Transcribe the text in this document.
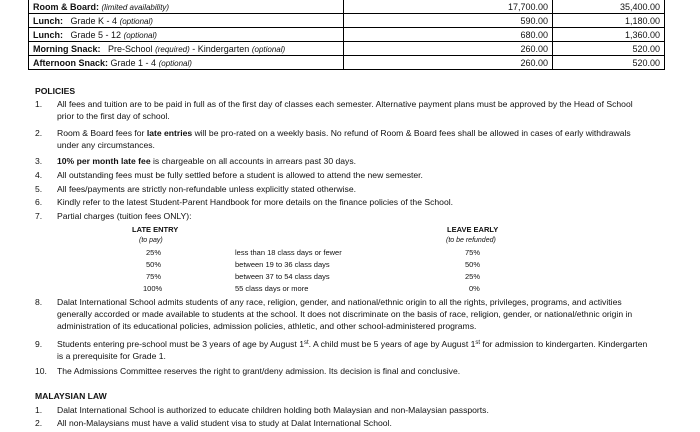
Room & Board: (limited availability)	17,700.00	35,400.00
Lunch: Grade K - 4 (optional)	590.00	1,180.00
Lunch: Grade 5 - 12 (optional)	680.00	1,360.00
Morning Snack: Pre-School (required) - Kindergarten (optional)	260.00	520.00
Afternoon Snack: Grade 1 - 4 (optional)	260.00	520.00
POLICIES
1. All fees and tuition are to be paid in full as of the first day of classes each semester. Alternative payment plans must be approved by the Head of School
prior to the first day of school.
2. Room & Board fees for late entries will be pro-rated on a weekly basis. No refund of Room & Board fees shall be allowed in cases of early withdrawals
under any circumstances.
3. 10% per month late fee is chargeable on all accounts in arrears past 30 days.
4. All outstanding fees must be fully settled before a student is allowed to attend the new semester.
5. All fees/payments are strictly non-refundable unless explicitly stated otherwise.
6. Kindly refer to the latest Student-Parent Handbook for more details on the finance policies of the School.
7. Partial charges (tuition fees ONLY):
LATE ENTRY
(to pay)
LEAVE EARLY
(to be refunded)
25%	less than 18 class days or fewer	75%
50%	between 19 to 36 class days	50%
75%	between 37 to 54 class days	25%
100%	55 class days or more	0%
8. Dalat International School admits students of any race, religion, gender, and national/ethnic origin to all the rights, privileges, programs, and activities
generally accorded or made available to students at the school. It does not discriminate on the basis of race, religion, gender, or national/ethnic origin in
administration of its educational policies, admission policies, athletic, and other school-administered programs.
9. Students entering pre-school must be 3 years of age by August 1st. A child must be 5 years of age by August 1st for admission to kindergarten. Kindergarten
is a prerequisite for Grade 1.
10. The Admissions Committee reserves the right to grant/deny admission. Its decision is final and conclusive.
MALAYSIAN LAW
1. Dalat International School is authorized to educate children holding both Malaysian and non-Malaysian passports.
2. All non-Malaysians must have a valid student visa to study at Dalat International School.
